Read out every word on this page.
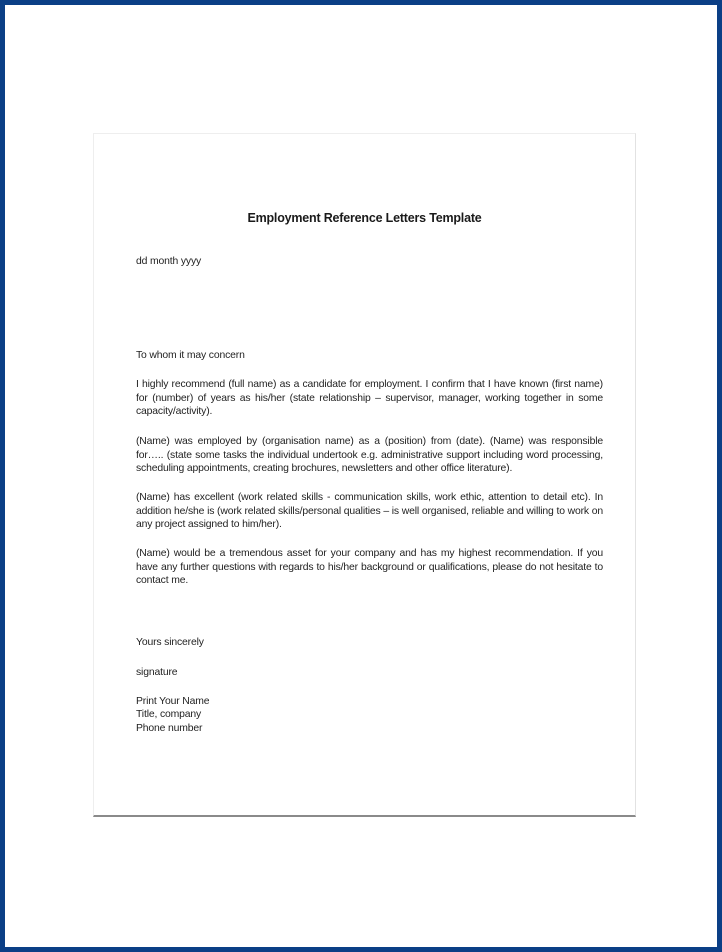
Employment Reference Letters Template
dd month yyyy
To whom it may concern
I highly recommend (full name) as a candidate for employment. I confirm that I have known (first name) for (number) of years as his/her (state relationship – supervisor, manager, working together in some capacity/activity).
(Name) was employed by (organisation name) as a (position) from (date). (Name) was responsible for….. (state some tasks the individual undertook e.g. administrative support including word processing, scheduling appointments, creating brochures, newsletters and other office literature).
(Name) has excellent (work related skills - communication skills, work ethic, attention to detail etc). In addition he/she is (work related skills/personal qualities – is well organised, reliable and willing to work on any project assigned to him/her).
(Name) would be a tremendous asset for your company and has my highest recommendation. If you have any further questions with regards to his/her background or qualifications, please do not hesitate to contact me.
Yours sincerely
signature
Print Your Name
Title, company
Phone number
